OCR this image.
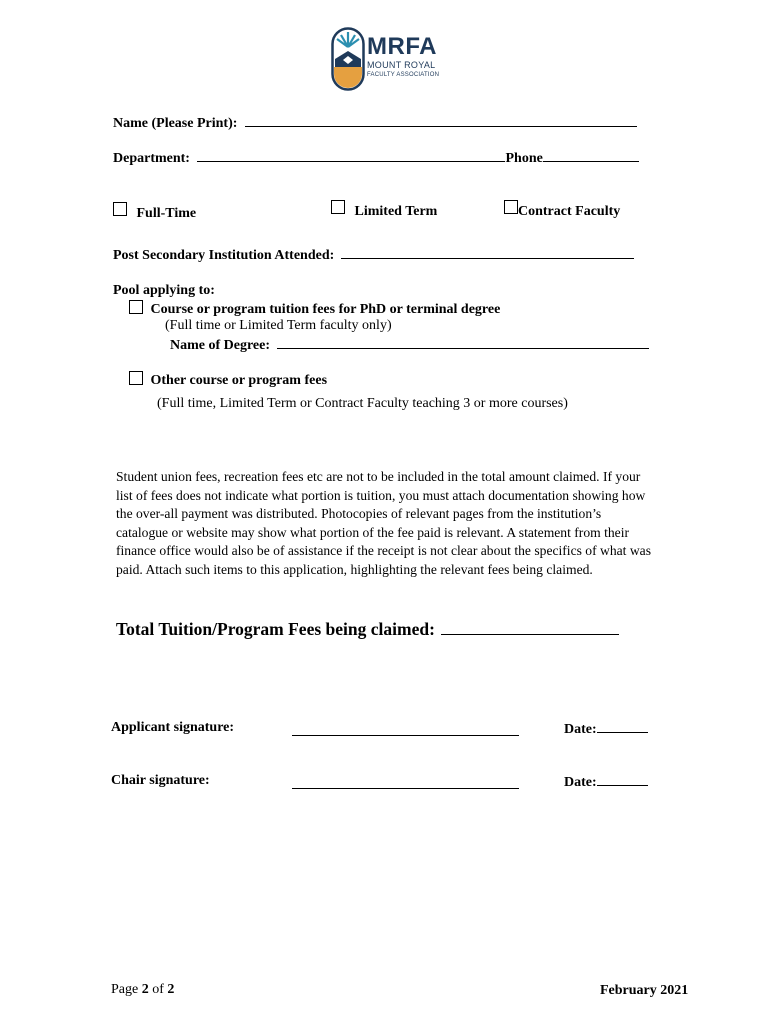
MRFA
MOUNT ROYAL
FACULTY ASSOCIATION
Name (Please Print):
Department:	Phone
Full-Time	Limited Term	Contract Faculty
Post Secondary Institution Attended:
Pool applying to:
Course or program tuition fees for PhD or terminal degree
(Full time or Limited Term faculty only)
Name of Degree:
Other course or program fees
(Full time, Limited Term or Contract Faculty teaching 3 or more courses)

Student union fees, recreation fees etc are not to be included in the total amount claimed. If your list of fees does not indicate what portion is tuition, you must attach documentation showing how the over-all payment was distributed. Photocopies of relevant pages from the institution’s catalogue or website may show what portion of the fee paid is relevant. A statement from their finance office would also be of assistance if the receipt is not clear about the specifics of what was paid. Attach such items to this application, highlighting the relevant fees being claimed.

Total Tuition/Program Fees being claimed:
Applicant signature:	Date:
Chair signature:	Date:
Page 2 of 2	February 2021
